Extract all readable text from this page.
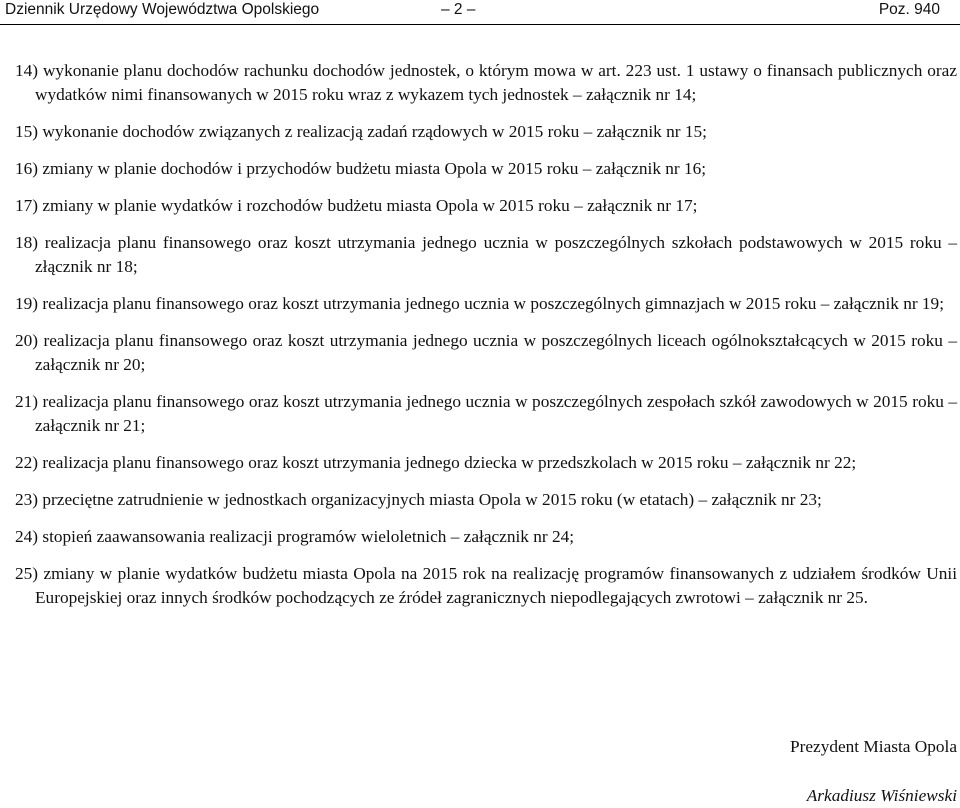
Dziennik Urzędowy Województwa Opolskiego	– 2 –	Poz. 940

14) wykonanie planu dochodów rachunku dochodów jednostek, o którym mowa w art. 223 ust. 1 ustawy o finansach publicznych oraz wydatków nimi finansowanych w 2015 roku wraz z wykazem tych jednostek – załącznik nr 14;

15) wykonanie dochodów związanych z realizacją zadań rządowych w 2015 roku – załącznik nr 15;

16) zmiany w planie dochodów i przychodów budżetu miasta Opola w 2015 roku – załącznik nr 16;

17) zmiany w planie wydatków i rozchodów budżetu miasta Opola w 2015 roku – załącznik nr 17;

18) realizacja planu finansowego oraz koszt utrzymania jednego ucznia w poszczególnych szkołach podstawowych w 2015 roku – złącznik nr 18;

19) realizacja planu finansowego oraz koszt utrzymania jednego ucznia w poszczególnych gimnazjach w 2015 roku – załącznik nr 19;

20) realizacja planu finansowego oraz koszt utrzymania jednego ucznia w poszczególnych liceach ogólnokształcących w 2015 roku – załącznik nr 20;

21) realizacja planu finansowego oraz koszt utrzymania jednego ucznia w poszczególnych zespołach szkół zawodowych w 2015 roku – załącznik nr 21;

22) realizacja planu finansowego oraz koszt utrzymania jednego dziecka w przedszkolach w 2015 roku – załącznik nr 22;

23) przeciętne zatrudnienie w jednostkach organizacyjnych miasta Opola w 2015 roku (w etatach) – załącznik nr 23;

24) stopień zaawansowania realizacji programów wieloletnich – załącznik nr 24;

25) zmiany w planie wydatków budżetu miasta Opola na 2015 rok na realizację programów finansowanych z udziałem środków Unii Europejskiej oraz innych środków pochodzących ze źródeł zagranicznych niepodlegających zwrotowi – załącznik nr 25.

Prezydent Miasta Opola
Arkadiusz Wiśniewski
